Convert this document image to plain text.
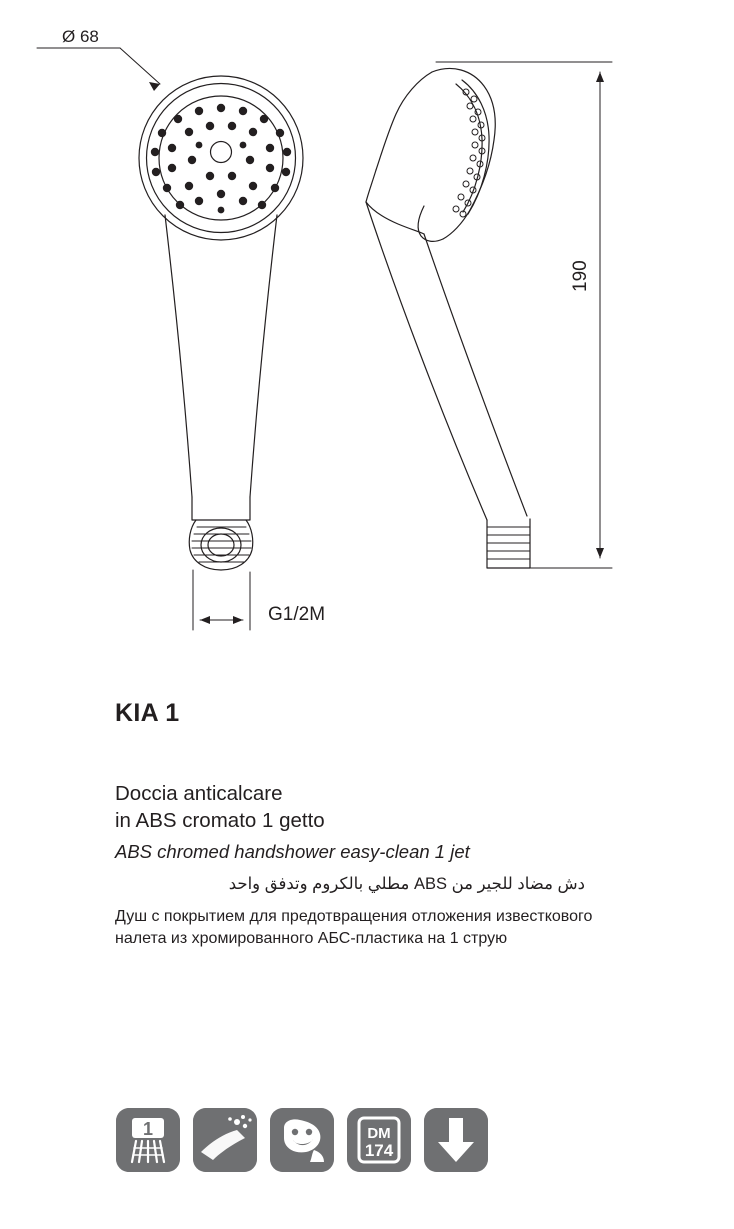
Ø 68
G1/2M
190
KIA 1

Doccia anticalcare
in ABS cromato 1 getto

ABS chromed handshower easy-clean 1 jet

دش مضاد للجير من ABS مطلي بالكروم وتدفق واحد

Душ с покрытием для предотвращения отложения известкового налета из хромированного АБС-пластика на 1 струю

1	DM
174
